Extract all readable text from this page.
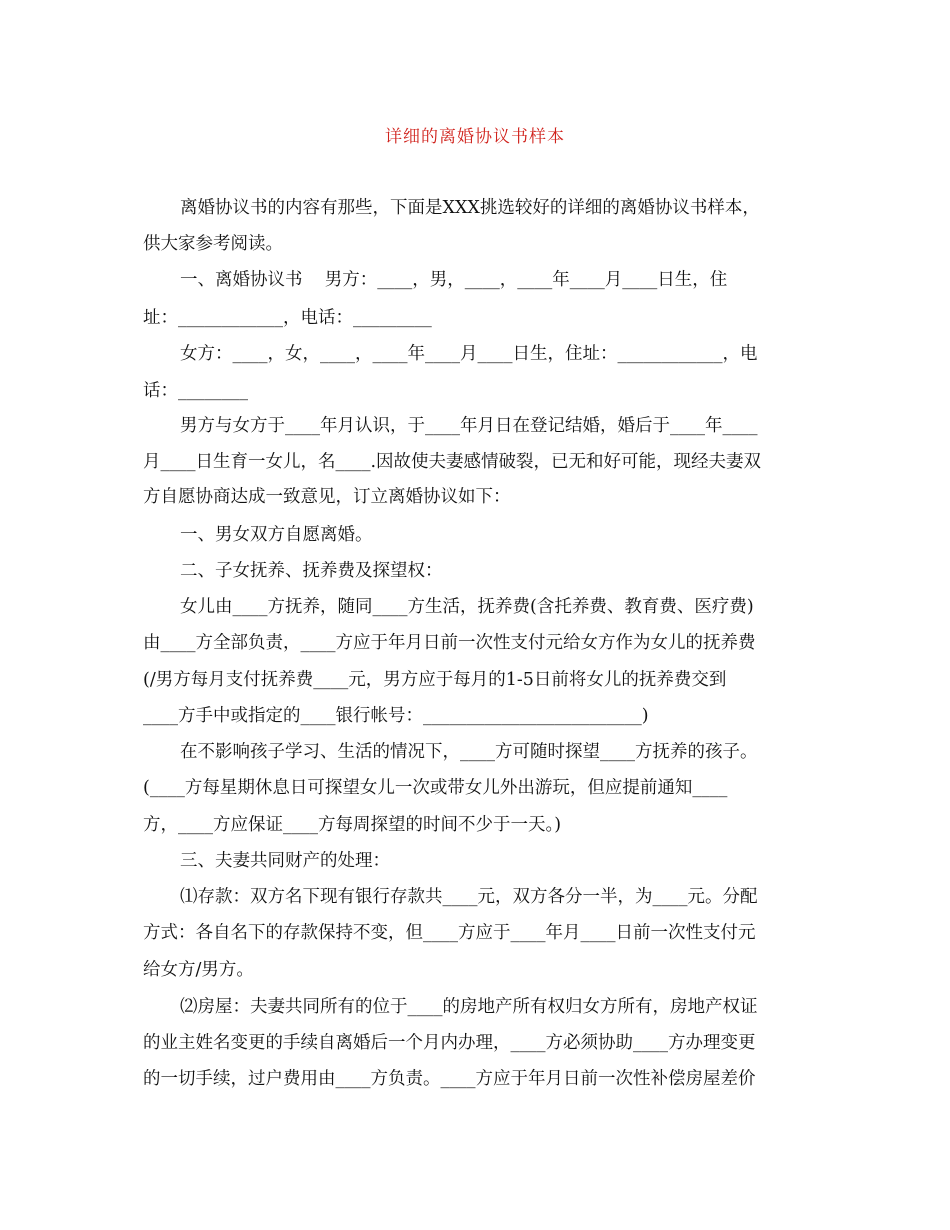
详细的离婚协议书样本
离婚协议书的内容有那些，下面是XXX挑选较好的详细的离婚协议书样本，
供大家参考阅读。
一、离婚协议书    男方：____，男，____，____年____月____日生，住
址：____________，电话：_________
女方：____，女，____，____年____月____日生，住址：____________，电
话：________
男方与女方于____年月认识，于____年月日在登记结婚，婚后于____年____
月____日生育一女儿，名____.因故使夫妻感情破裂，已无和好可能，现经夫妻双
方自愿协商达成一致意见，订立离婚协议如下：
一、男女双方自愿离婚。
二、子女抚养、抚养费及探望权：
女儿由____方抚养，随同____方生活，抚养费(含托养费、教育费、医疗费)
由____方全部负责，____方应于年月日前一次性支付元给女方作为女儿的抚养费
(/男方每月支付抚养费____元，男方应于每月的1-5日前将女儿的抚养费交到
____方手中或指定的____银行帐号：_________________________)
在不影响孩子学习、生活的情况下，____方可随时探望____方抚养的孩子。
(____方每星期休息日可探望女儿一次或带女儿外出游玩，但应提前通知____
方，____方应保证____方每周探望的时间不少于一天。)
三、夫妻共同财产的处理：
⑴存款：双方名下现有银行存款共____元，双方各分一半，为____元。分配
方式：各自名下的存款保持不变，但____方应于____年月____日前一次性支付元
给女方/男方。
⑵房屋：夫妻共同所有的位于____的房地产所有权归女方所有，房地产权证
的业主姓名变更的手续自离婚后一个月内办理，____方必须协助____方办理变更
的一切手续，过户费用由____方负责。____方应于年月日前一次性补偿房屋差价
